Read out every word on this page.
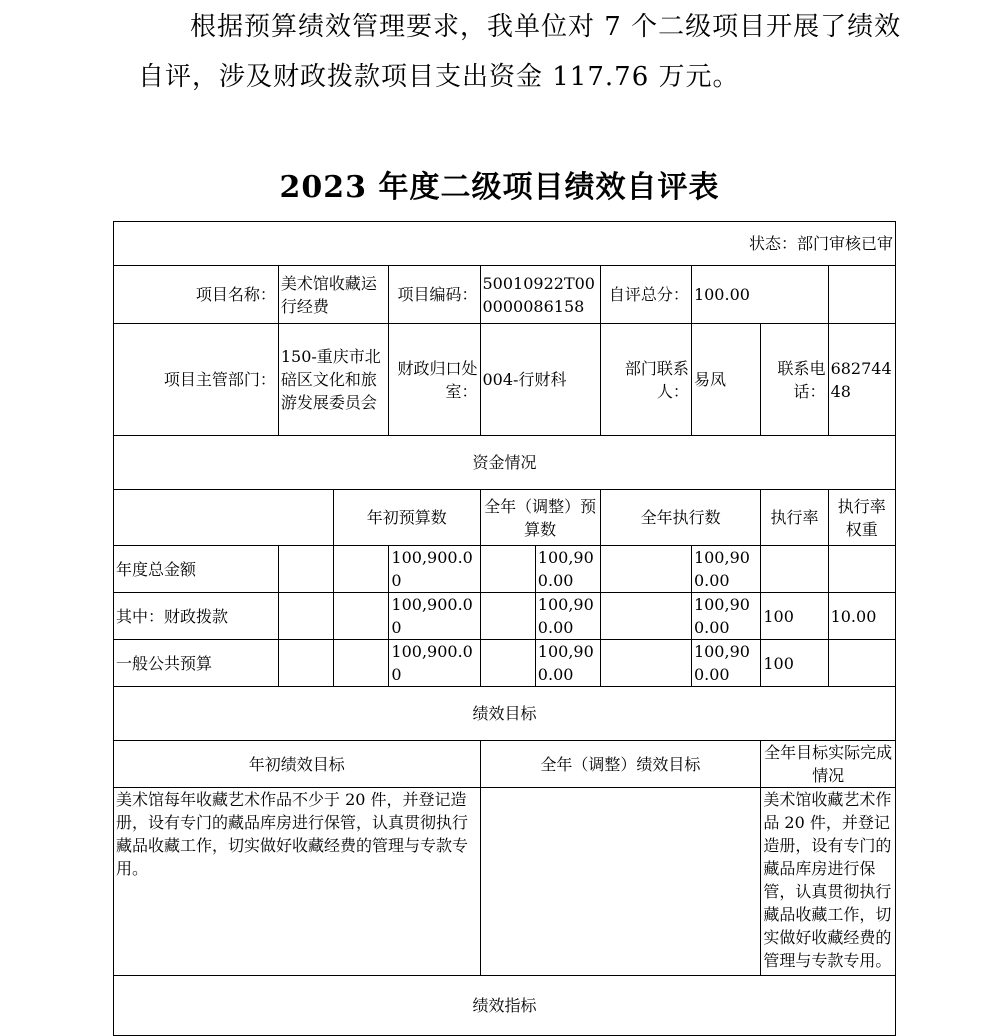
根据预算绩效管理要求，我单位对 7 个二级项目开展了绩效
自评，涉及财政拨款项目支出资金 117.76 万元。
2023 年度二级项目绩效自评表
状态：部门审核已审									
项目名称：	美术馆收藏运行经费		项目编码：	50010922T000000086158		自评总分：	100.00		
项目主管部门：	150-重庆市北碚区文化和旅游发展委员会		财政归口处室：	004-行财科		部门联系人：	易凤	联系电话：	68274448
资金情况									
		年初预算数		全年（调整）预算数		全年执行数		执行率	执行率权重
年度总金额			100,900.00		100,900.00		100,900.00		
其中：财政拨款			100,900.00		100,900.00		100,900.00	100	10.00
一般公共预算			100,900.00		100,900.00		100,900.00	100	
绩效目标									
年初绩效目标				全年（调整）绩效目标				全年目标实际完成情况	
美术馆每年收藏艺术作品不少于 20 件，并登记造册，设有专门的藏品库房进行保管，认真贯彻执行藏品收藏工作，切实做好收藏经费的管理与专款专用。								美术馆收藏艺术作品 20 件，并登记造册，设有专门的藏品库房进行保管，认真贯彻执行藏品收藏工作，切实做好收藏经费的管理与专款专用。	
绩效指标									
